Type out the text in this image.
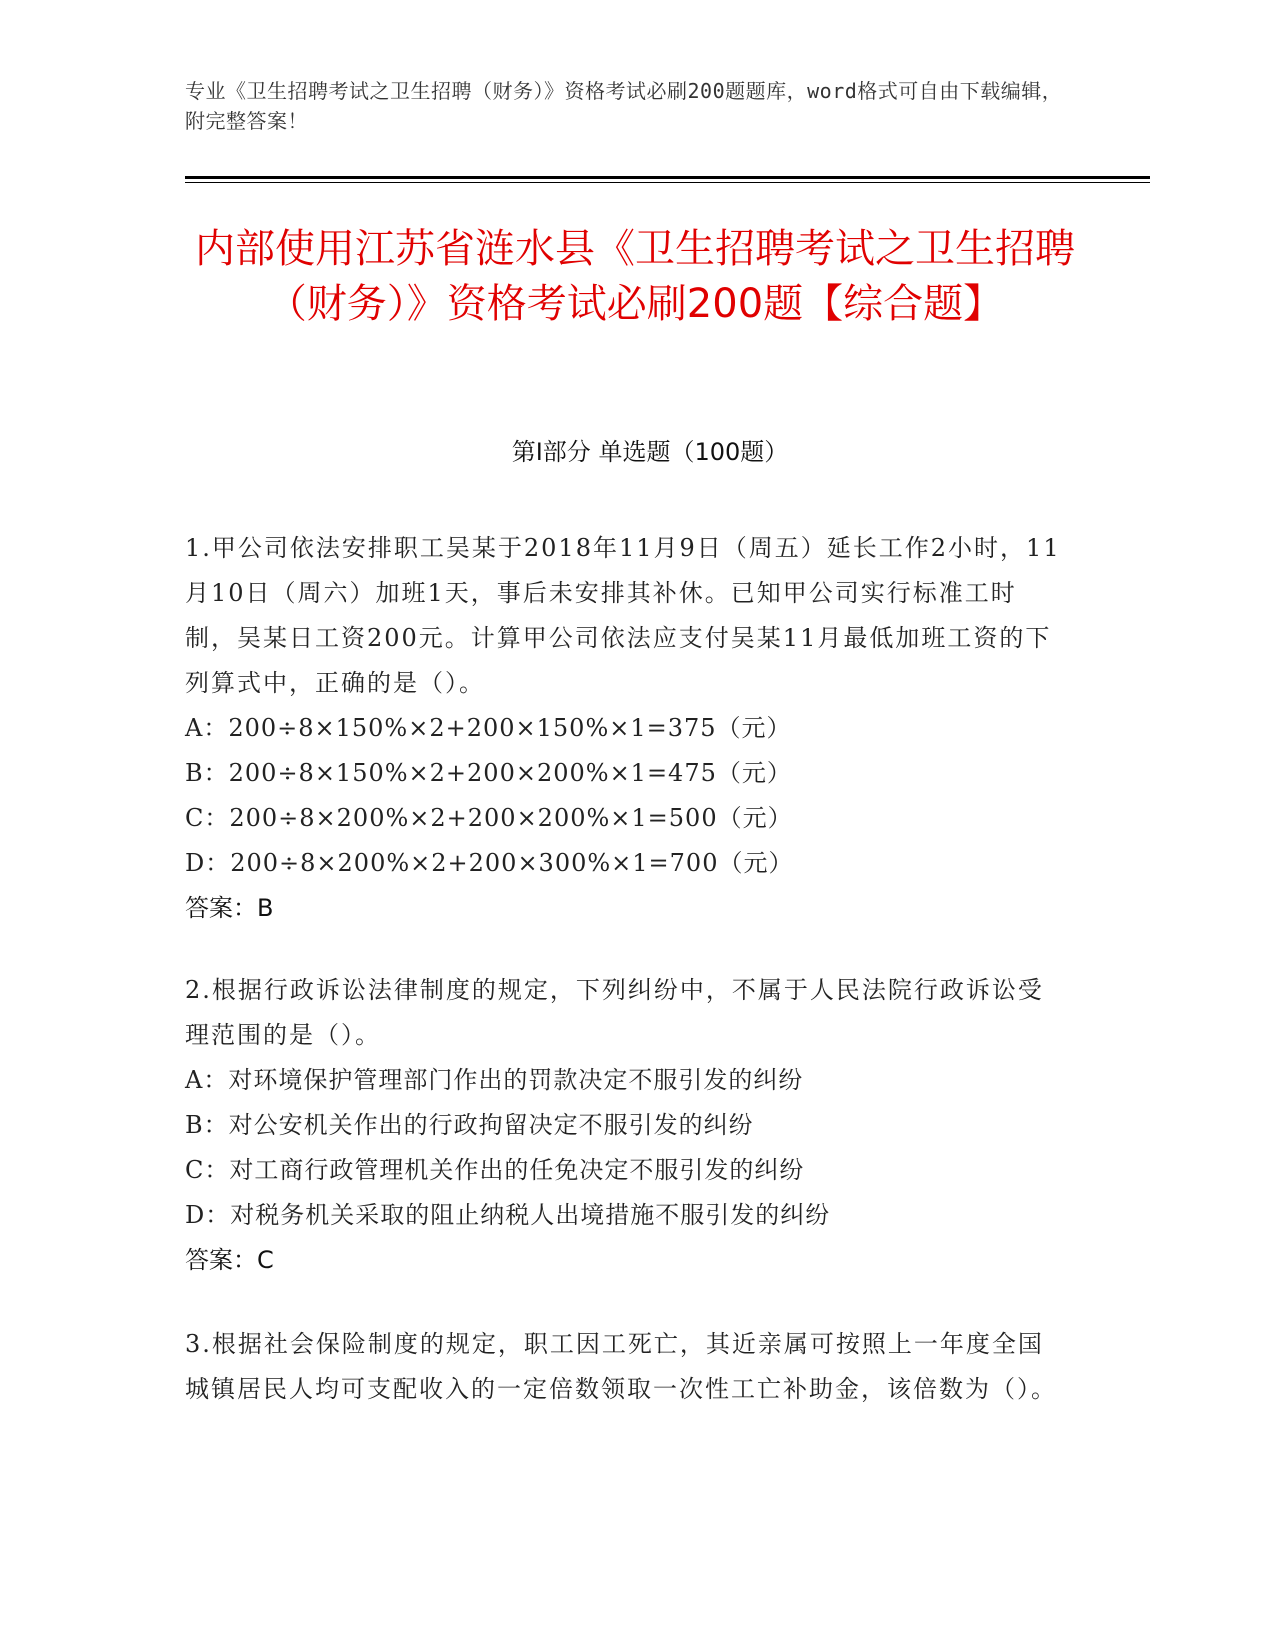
专业《卫生招聘考试之卫生招聘（财务）》资格考试必刷200题题库，word格式可自由下载编辑，附完整答案！
内部使用江苏省涟水县《卫生招聘考试之卫生招聘（财务）》资格考试必刷200题【综合题】
第I部分 单选题（100题）
1.甲公司依法安排职工吴某于2018年11月9日（周五）延长工作2小时，11月10日（周六）加班1天，事后未安排其补休。已知甲公司实行标准工时制，吴某日工资200元。计算甲公司依法应支付吴某11月最低加班工资的下列算式中，正确的是（）。
A：200÷8×150%×2+200×150%×1=375（元）
B：200÷8×150%×2+200×200%×1=475（元）
C：200÷8×200%×2+200×200%×1=500（元）
D：200÷8×200%×2+200×300%×1=700（元）
答案：B
2.根据行政诉讼法律制度的规定，下列纠纷中，不属于人民法院行政诉讼受理范围的是（）。
A：对环境保护管理部门作出的罚款决定不服引发的纠纷
B：对公安机关作出的行政拘留决定不服引发的纠纷
C：对工商行政管理机关作出的任免决定不服引发的纠纷
D：对税务机关采取的阻止纳税人出境措施不服引发的纠纷
答案：C
3.根据社会保险制度的规定，职工因工死亡，其近亲属可按照上一年度全国城镇居民人均可支配收入的一定倍数领取一次性工亡补助金，该倍数为（）。
